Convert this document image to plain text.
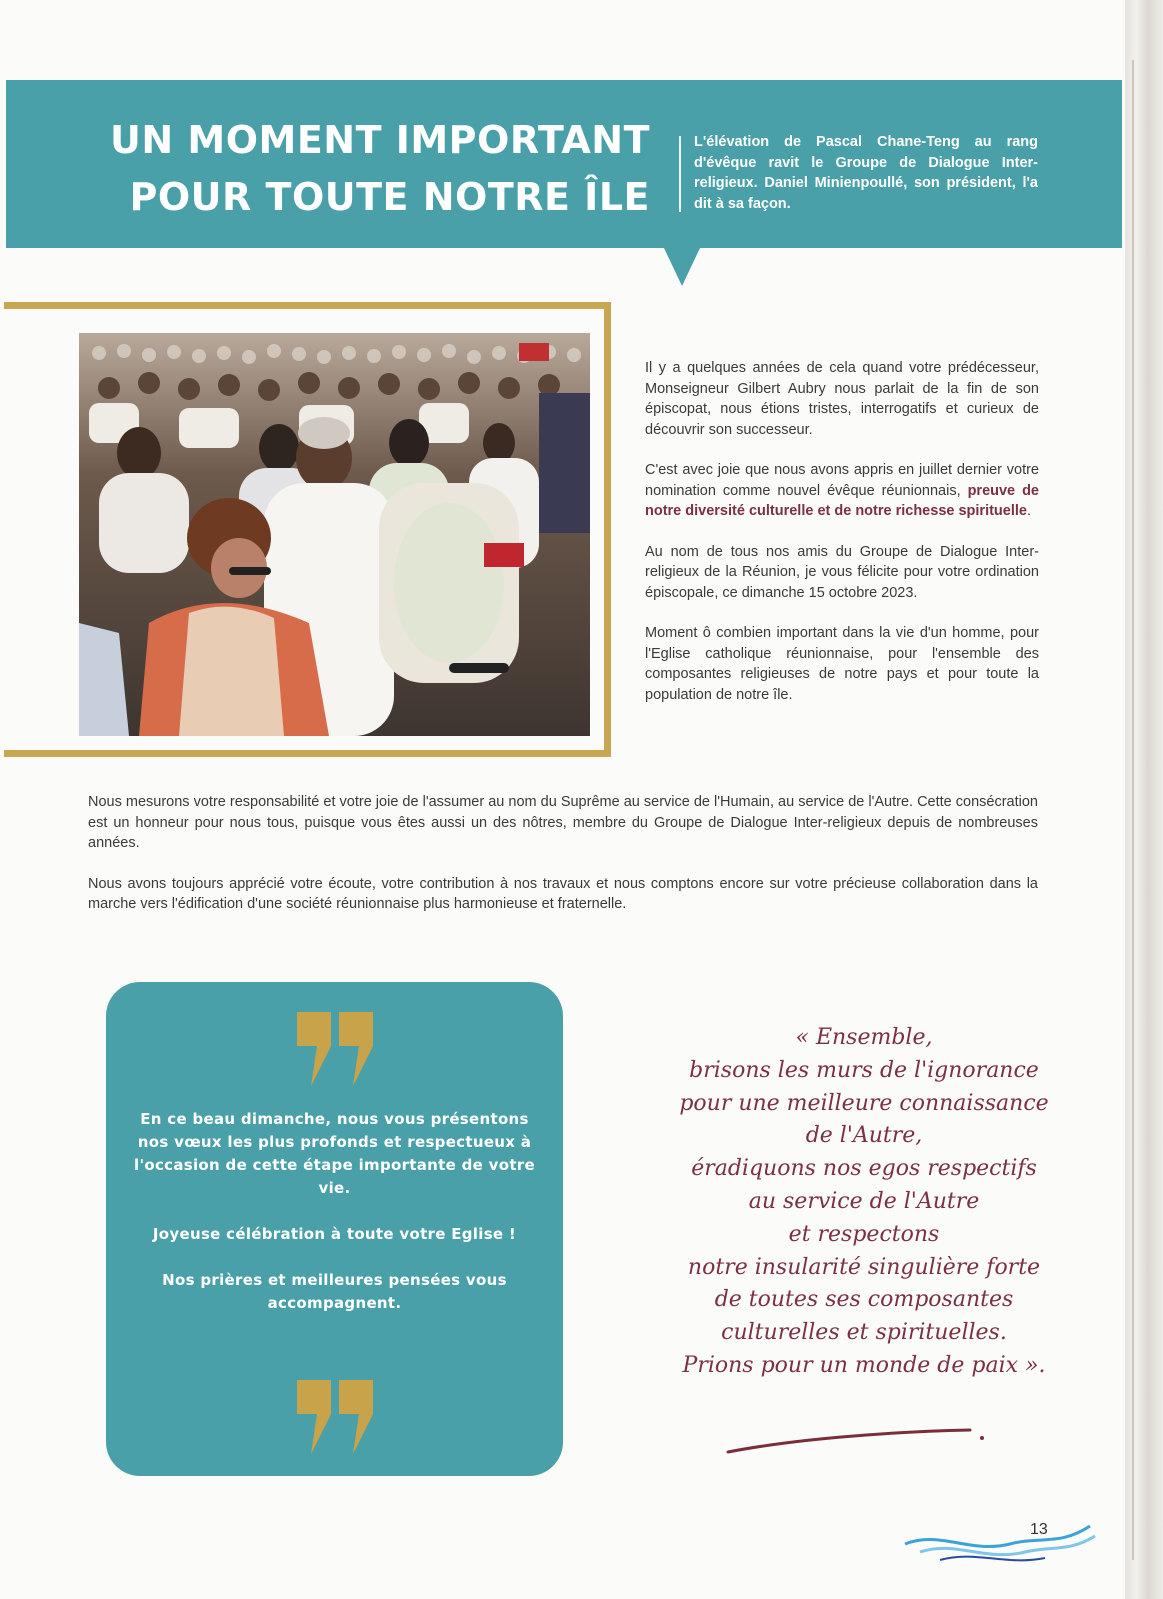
UN MOMENT IMPORTANT
POUR TOUTE NOTRE ÎLE
L'élévation de Pascal Chane-Teng au rang d'évêque ravit le Groupe de Dialogue Inter-religieux. Daniel Minienpoullé, son président, l'a dit à sa façon.

Il y a quelques années de cela quand votre prédécesseur, Monseigneur Gilbert Aubry nous parlait de la fin de son épiscopat, nous étions tristes, interrogatifs et curieux de découvrir son successeur.

C'est avec joie que nous avons appris en juillet dernier votre nomination comme nouvel évêque réunionnais, preuve de notre diversité culturelle et de notre richesse spirituelle.

Au nom de tous nos amis du Groupe de Dialogue Inter-religieux de la Réunion, je vous félicite pour votre ordination épiscopale, ce dimanche 15 octobre 2023.

Moment ô combien important dans la vie d'un homme, pour l'Eglise catholique réunionnaise, pour l'ensemble des composantes religieuses de notre pays et pour toute la population de notre île.

Nous mesurons votre responsabilité et votre joie de l'assumer au nom du Suprême au service de l'Humain, au service de l'Autre. Cette consécration est un honneur pour nous tous, puisque vous êtes aussi un des nôtres, membre du Groupe de Dialogue Inter-religieux depuis de nombreuses années.

Nous avons toujours apprécié votre écoute, votre contribution à nos travaux et nous comptons encore sur votre précieuse collaboration dans la marche vers l'édification d'une société réunionnaise plus harmonieuse et fraternelle.

En ce beau dimanche, nous vous présentons nos vœux les plus profonds et respectueux à l'occasion de cette étape importante de votre vie.

Joyeuse célébration à toute votre Eglise !

Nos prières et meilleures pensées vous accompagnent.

« Ensemble,
brisons les murs de l'ignorance
pour une meilleure connaissance
de l'Autre,
éradiquons nos egos respectifs
au service de l'Autre
et respectons
notre insularité singulière forte
de toutes ses composantes
culturelles et spirituelles.
Prions pour un monde de paix ».
13
